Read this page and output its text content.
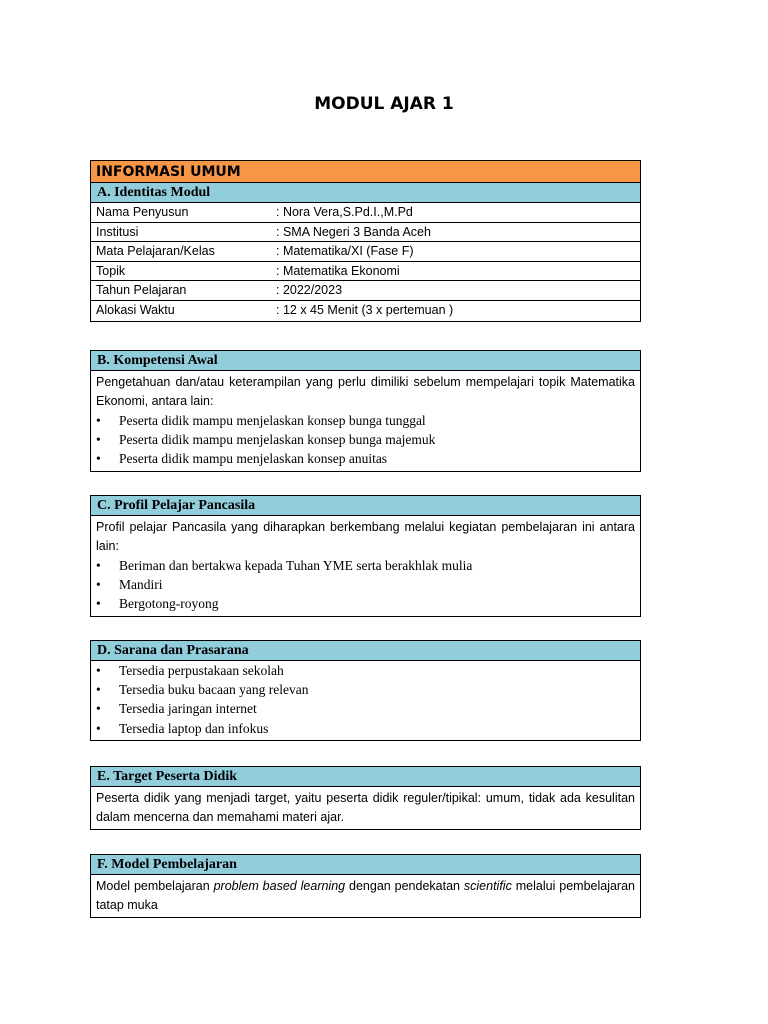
MODUL AJAR 1
INFORMASI UMUM
A. Identitas Modul
Nama Penyusun	: Nora Vera,S.Pd.I.,M.Pd
Institusi	: SMA Negeri 3 Banda Aceh
Mata Pelajaran/Kelas	: Matematika/XI (Fase F)
Topik	: Matematika Ekonomi
Tahun Pelajaran	: 2022/2023
Alokasi Waktu	: 12 x 45 Menit (3 x pertemuan )
B. Kompetensi Awal
Pengetahuan dan/atau keterampilan yang perlu dimiliki sebelum mempelajari topik Matematika Ekonomi, antara lain:
•	Peserta didik mampu menjelaskan konsep bunga tunggal
•	Peserta didik mampu menjelaskan konsep bunga majemuk
•	Peserta didik mampu menjelaskan konsep anuitas
C. Profil Pelajar Pancasila
Profil pelajar Pancasila yang diharapkan berkembang melalui kegiatan pembelajaran ini antara lain:
•	Beriman dan bertakwa kepada Tuhan YME serta berakhlak mulia
•	Mandiri
•	Bergotong-royong
D. Sarana dan Prasarana
•	Tersedia perpustakaan sekolah
•	Tersedia buku bacaan yang relevan
•	Tersedia jaringan internet
•	Tersedia laptop dan infokus
E. Target Peserta Didik
Peserta didik yang menjadi target, yaitu peserta didik reguler/tipikal: umum, tidak ada kesulitan dalam mencerna dan memahami materi ajar.
F. Model Pembelajaran
Model pembelajaran problem based learning dengan pendekatan scientific melalui pembelajaran tatap muka
